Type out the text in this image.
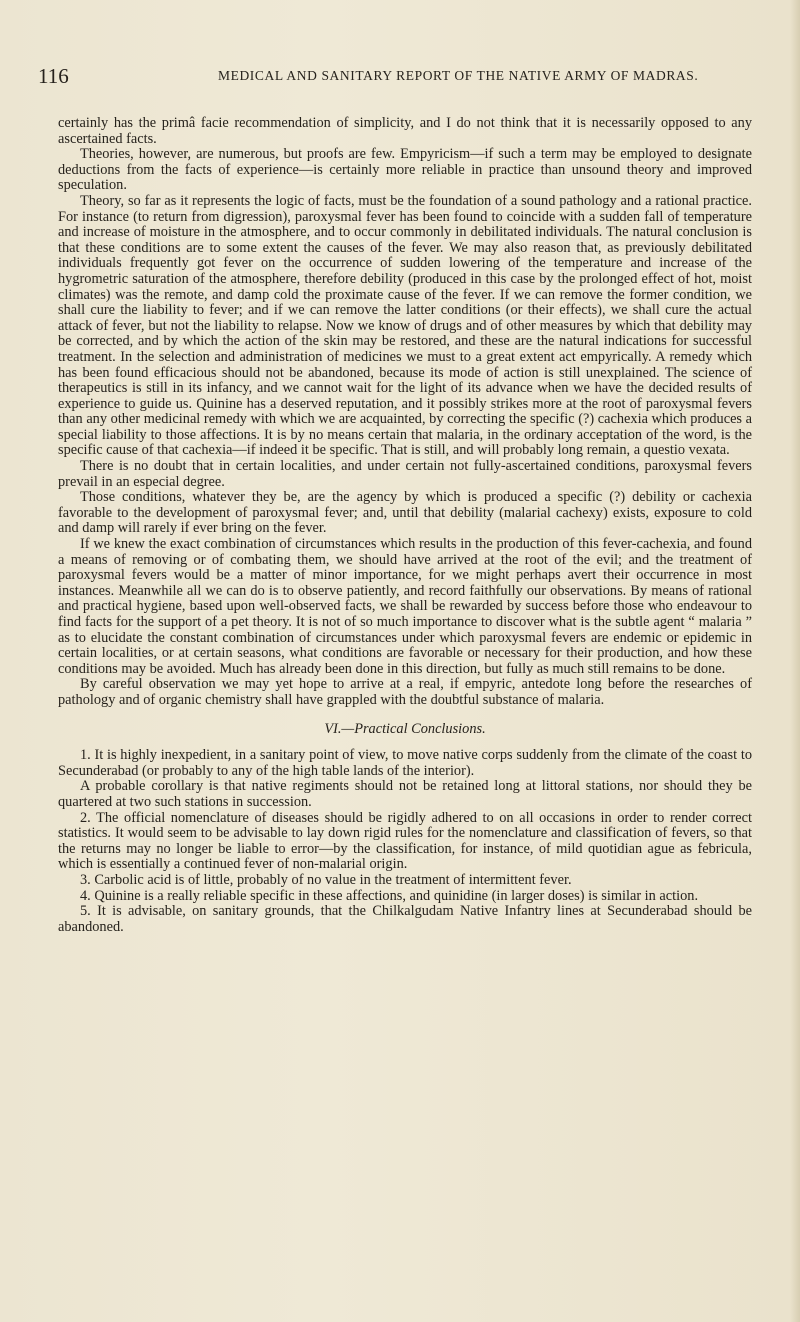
116	MEDICAL AND SANITARY REPORT OF THE NATIVE ARMY OF MADRAS.

certainly has the primâ facie recommendation of simplicity, and I do not think that it is necessarily opposed to any ascertained facts.

Theories, however, are numerous, but proofs are few. Empyricism—if such a term may be employed to designate deductions from the facts of experience—is certainly more reliable in practice than unsound theory and improved speculation.

Theory, so far as it represents the logic of facts, must be the foundation of a sound pathology and a rational practice. For instance (to return from digression), paroxysmal fever has been found to coincide with a sudden fall of temperature and increase of moisture in the atmosphere, and to occur commonly in debilitated individuals. The natural conclusion is that these conditions are to some extent the causes of the fever. We may also reason that, as previously debilitated individuals frequently got fever on the occurrence of sudden lowering of the temperature and increase of the hygrometric saturation of the atmosphere, therefore debility (produced in this case by the prolonged effect of hot, moist climates) was the remote, and damp cold the proximate cause of the fever. If we can remove the former condition, we shall cure the liability to fever; and if we can remove the latter conditions (or their effects), we shall cure the actual attack of fever, but not the liability to relapse. Now we know of drugs and of other measures by which that debility may be corrected, and by which the action of the skin may be restored, and these are the natural indications for successful treatment. In the selection and administration of medicines we must to a great extent act empyrically. A remedy which has been found efficacious should not be abandoned, because its mode of action is still unexplained. The science of therapeutics is still in its infancy, and we cannot wait for the light of its advance when we have the decided results of experience to guide us. Quinine has a deserved reputation, and it possibly strikes more at the root of paroxysmal fevers than any other medicinal remedy with which we are acquainted, by correcting the specific (?) cachexia which produces a special liability to those affections. It is by no means certain that malaria, in the ordinary acceptation of the word, is the specific cause of that cachexia—if indeed it be specific. That is still, and will probably long remain, a questio vexata.

There is no doubt that in certain localities, and under certain not fully-ascertained conditions, paroxysmal fevers prevail in an especial degree.

Those conditions, whatever they be, are the agency by which is produced a specific (?) debility or cachexia favorable to the development of paroxysmal fever; and, until that debility (malarial cachexy) exists, exposure to cold and damp will rarely if ever bring on the fever.

If we knew the exact combination of circumstances which results in the production of this fever-cachexia, and found a means of removing or of combating them, we should have arrived at the root of the evil; and the treatment of paroxysmal fevers would be a matter of minor importance, for we might perhaps avert their occurrence in most instances. Meanwhile all we can do is to observe patiently, and record faithfully our observations. By means of rational and practical hygiene, based upon well-observed facts, we shall be rewarded by success before those who endeavour to find facts for the support of a pet theory. It is not of so much importance to discover what is the subtle agent “ malaria ” as to elucidate the constant combination of circumstances under which paroxysmal fevers are endemic or epidemic in certain localities, or at certain seasons, what conditions are favorable or necessary for their production, and how these conditions may be avoided. Much has already been done in this direction, but fully as much still remains to be done.

By careful observation we may yet hope to arrive at a real, if empyric, antedote long before the researches of pathology and of organic chemistry shall have grappled with the doubtful substance of malaria.

VI.—Practical Conclusions.

1. It is highly inexpedient, in a sanitary point of view, to move native corps suddenly from the climate of the coast to Secunderabad (or probably to any of the high table lands of the interior).

A probable corollary is that native regiments should not be retained long at littoral stations, nor should they be quartered at two such stations in succession.

2. The official nomenclature of diseases should be rigidly adhered to on all occasions in order to render correct statistics. It would seem to be advisable to lay down rigid rules for the nomenclature and classification of fevers, so that the returns may no longer be liable to error—by the classification, for instance, of mild quotidian ague as febricula, which is essentially a continued fever of non-malarial origin.

3. Carbolic acid is of little, probably of no value in the treatment of intermittent fever.

4. Quinine is a really reliable specific in these affections, and quinidine (in larger doses) is similar in action.

5. It is advisable, on sanitary grounds, that the Chilkalgudam Native Infantry lines at Secunderabad should be abandoned.
